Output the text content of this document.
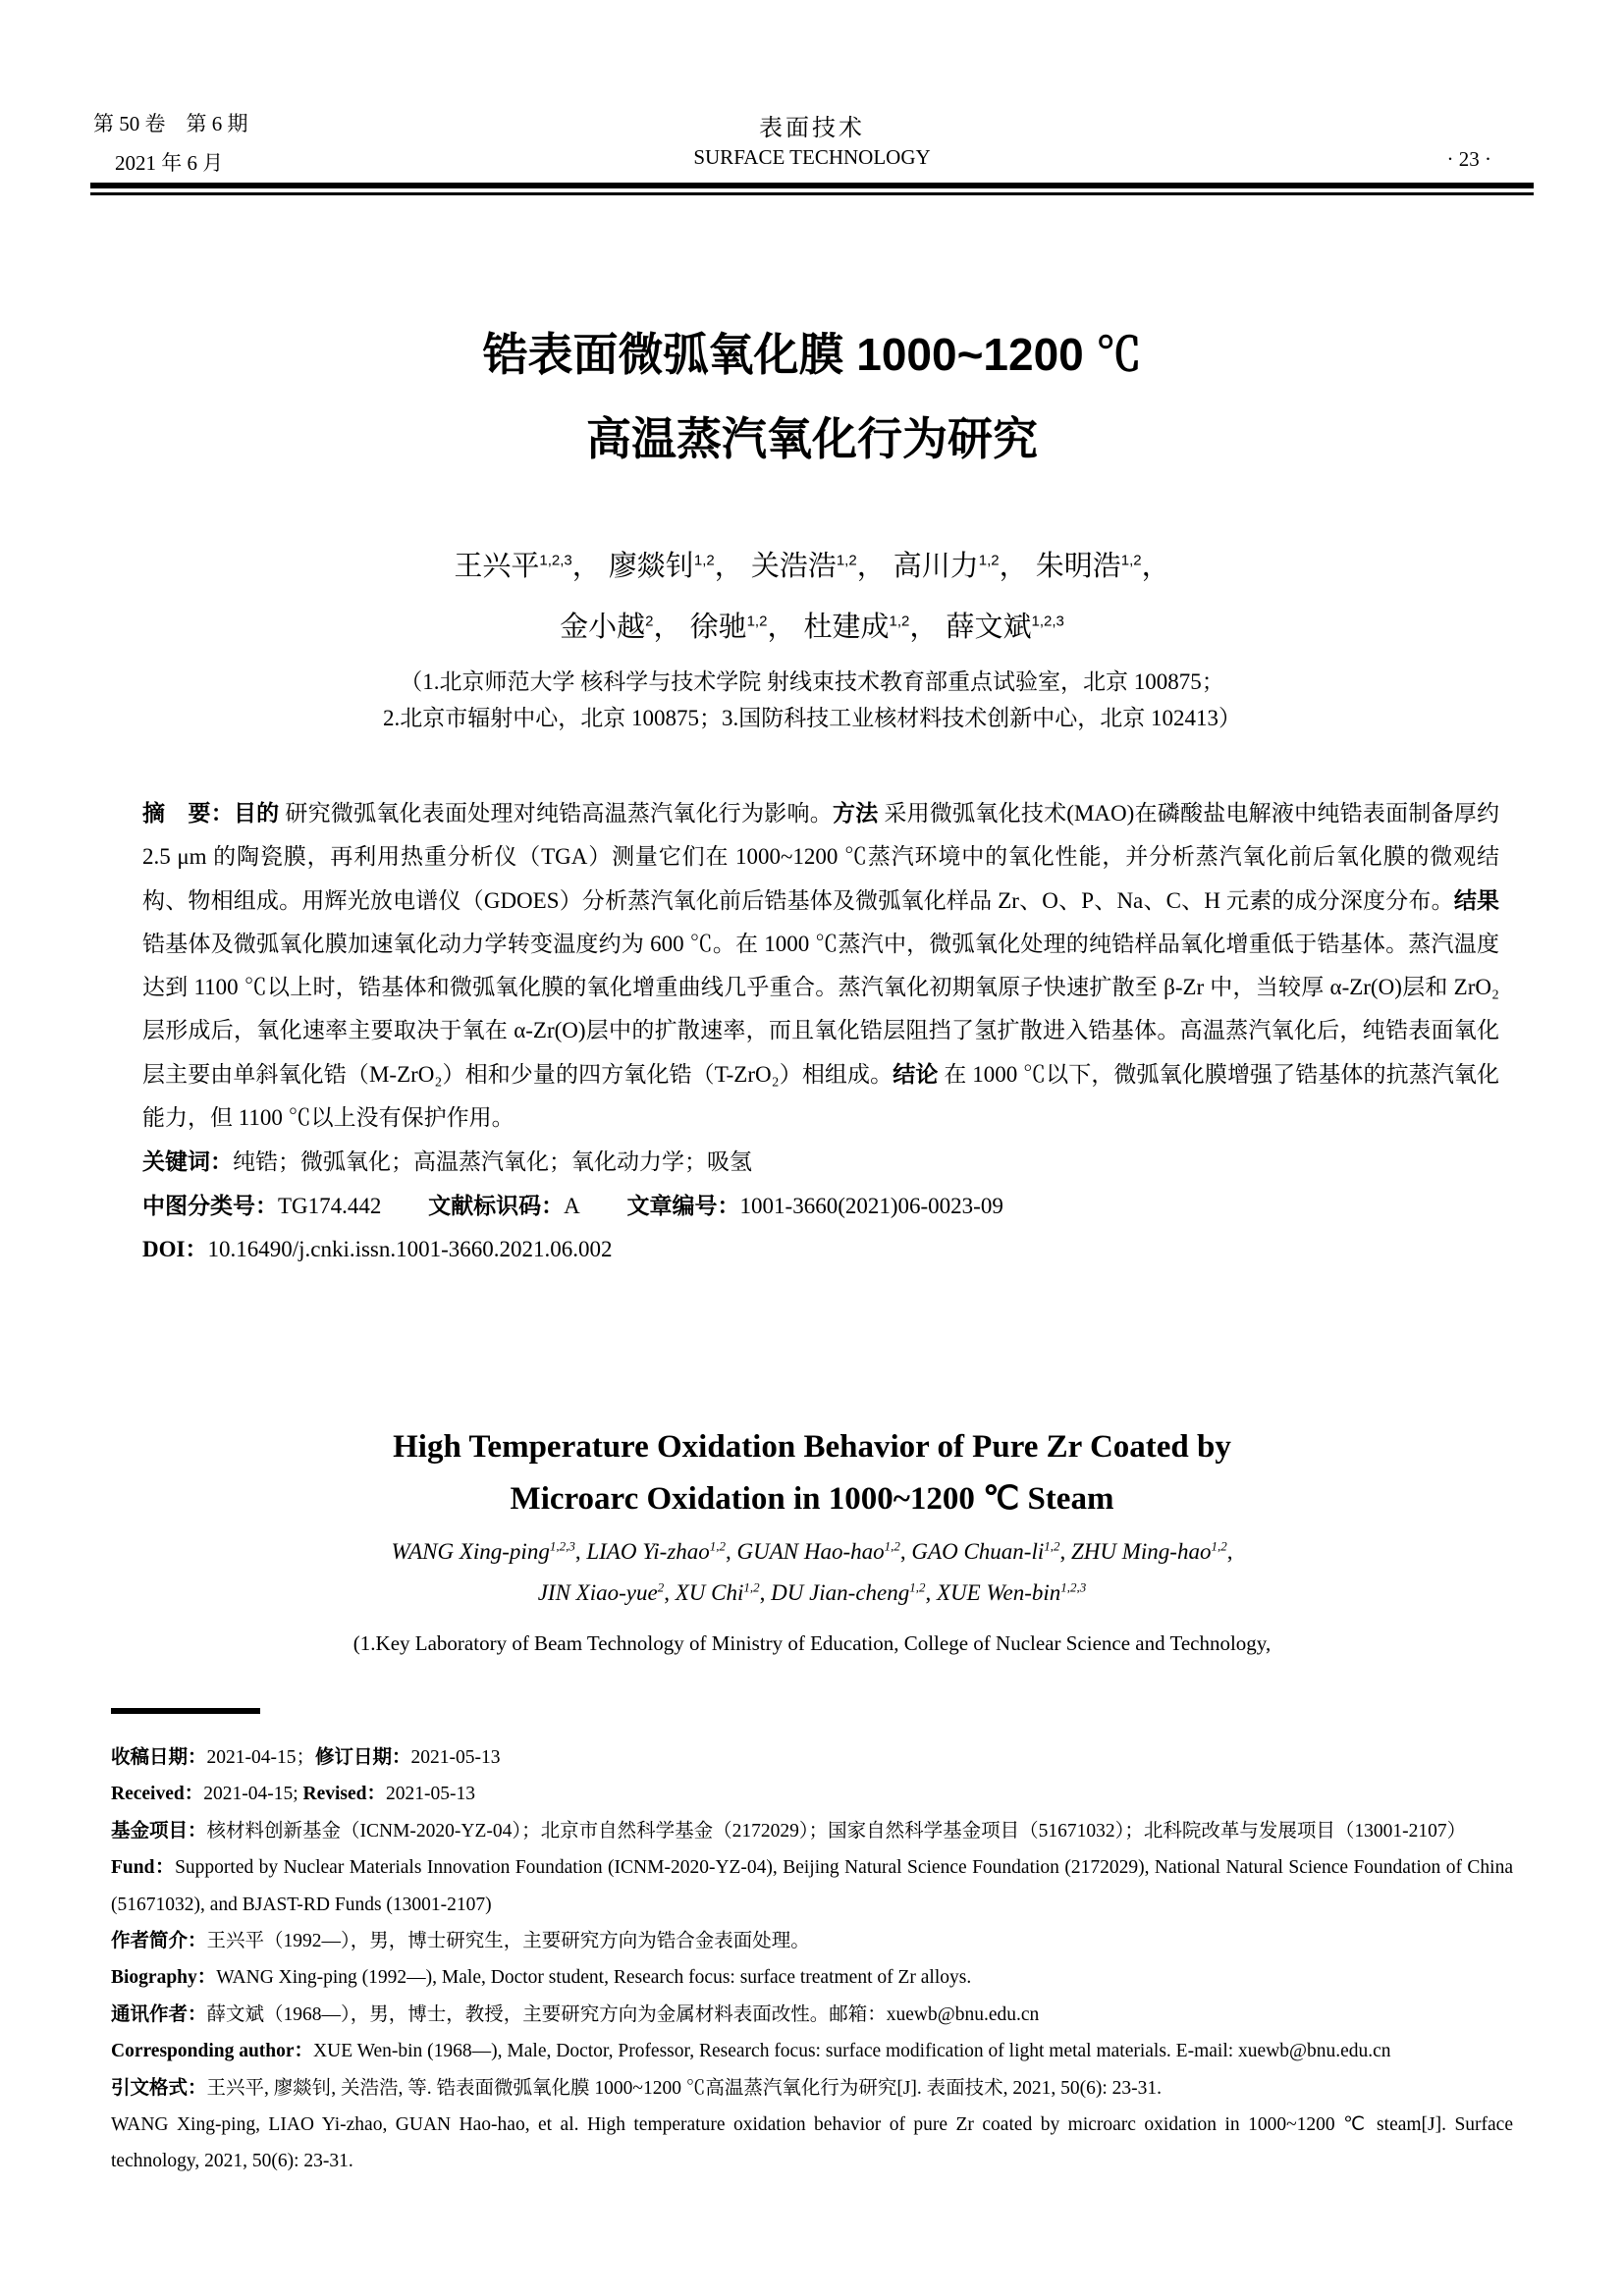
第 50 卷　第 6 期
2021 年 6 月
表面技术
SURFACE TECHNOLOGY	· 23 ·
锆表面微弧氧化膜 1000~1200 ℃
高温蒸汽氧化行为研究
王兴平$^{1,2,3}$， 廖燚钊$^{1,2}$， 关浩浩$^{1,2}$， 高川力$^{1,2}$， 朱明浩$^{1,2}$，
金小越$^2$， 徐驰$^{1,2}$， 杜建成$^{1,2}$， 薛文斌$^{1,2,3}$
（1.北京师范大学 核科学与技术学院 射线束技术教育部重点试验室，北京 100875；
2.北京市辐射中心，北京 100875；3.国防科技工业核材料技术创新中心，北京 102413）

摘　要：目的 研究微弧氧化表面处理对纯锆高温蒸汽氧化行为影响。方法 采用微弧氧化技术(MAO)在磷酸盐电解液中纯锆表面制备厚约 2.5 μm 的陶瓷膜，再利用热重分析仪（TGA）测量它们在 1000~1200 ℃蒸汽环境中的氧化性能，并分析蒸汽氧化前后氧化膜的微观结构、物相组成。用辉光放电谱仪（GDOES）分析蒸汽氧化前后锆基体及微弧氧化样品 Zr、O、P、Na、C、H 元素的成分深度分布。结果 锆基体及微弧氧化膜加速氧化动力学转变温度约为 600 ℃。在 1000 ℃蒸汽中，微弧氧化处理的纯锆样品氧化增重低于锆基体。蒸汽温度达到 1100 ℃以上时，锆基体和微弧氧化膜的氧化增重曲线几乎重合。蒸汽氧化初期氧原子快速扩散至 β-Zr 中，当较厚 α-Zr(O)层和 ZrO₂ 层形成后，氧化速率主要取决于氧在 α-Zr(O)层中的扩散速率，而且氧化锆层阻挡了氢扩散进入锆基体。高温蒸汽氧化后，纯锆表面氧化层主要由单斜氧化锆（M-ZrO₂）相和少量的四方氧化锆（T-ZrO₂）相组成。结论 在 1000 ℃以下，微弧氧化膜增强了锆基体的抗蒸汽氧化能力，但 1100 ℃以上没有保护作用。

关键词：纯锆；微弧氧化；高温蒸汽氧化；氧化动力学；吸氢

中图分类号：TG174.442 文献标识码：A 文章编号：1001-3660(2021)06-0023-09

DOI：10.16490/j.cnki.issn.1001-3660.2021.06.002

High Temperature Oxidation Behavior of Pure Zr Coated by
Microarc Oxidation in 1000~1200 ℃ Steam
WANG Xing-ping$^{1,2,3}$, LIAO Yi-zhao$^{1,2}$, GUAN Hao-hao$^{1,2}$, GAO Chuan-li$^{1,2}$, ZHU Ming-hao$^{1,2}$,
JIN Xiao-yue$^2$, XU Chi$^{1,2}$, DU Jian-cheng$^{1,2}$, XUE Wen-bin$^{1,2,3}$
(1.Key Laboratory of Beam Technology of Ministry of Education, College of Nuclear Science and Technology,

收稿日期：2021-04-15；修订日期：2021-05-13

Received：2021-04-15; Revised：2021-05-13

基金项目：核材料创新基金（ICNM-2020-YZ-04）；北京市自然科学基金（2172029）；国家自然科学基金项目（51671032）；北科院改革与发展项目（13001-2107）

Fund：Supported by Nuclear Materials Innovation Foundation (ICNM-2020-YZ-04), Beijing Natural Science Foundation (2172029), National Natural Science Foundation of China (51671032), and BJAST-RD Funds (13001-2107)

作者简介：王兴平（1992—），男，博士研究生，主要研究方向为锆合金表面处理。

Biography：WANG Xing-ping (1992—), Male, Doctor student, Research focus: surface treatment of Zr alloys.

通讯作者：薛文斌（1968—），男，博士，教授，主要研究方向为金属材料表面改性。邮箱：xuewb@bnu.edu.cn

Corresponding author：XUE Wen-bin (1968—), Male, Doctor, Professor, Research focus: surface modification of light metal materials. E-mail: xuewb@bnu.edu.cn

引文格式：王兴平, 廖燚钊, 关浩浩, 等. 锆表面微弧氧化膜 1000~1200 ℃高温蒸汽氧化行为研究[J]. 表面技术, 2021, 50(6): 23-31.

WANG Xing-ping, LIAO Yi-zhao, GUAN Hao-hao, et al. High temperature oxidation behavior of pure Zr coated by microarc oxidation in 1000~1200 ℃ steam[J]. Surface technology, 2021, 50(6): 23-31.
